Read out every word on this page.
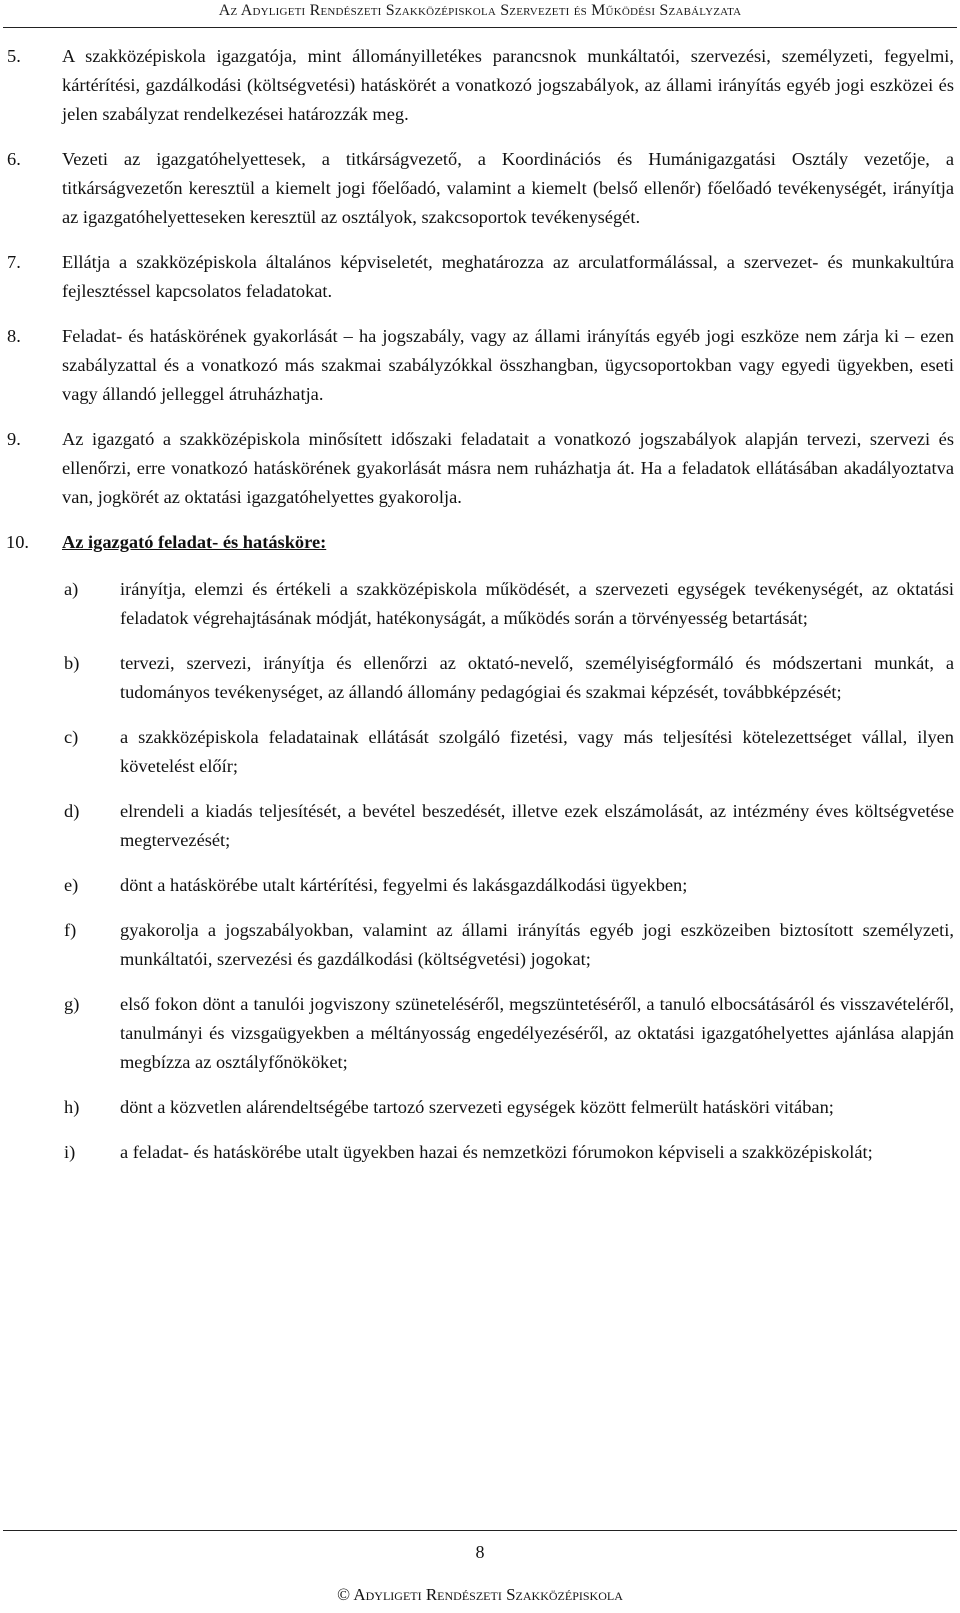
Az Adyligeti Rendészeti Szakközépiskola Szervezeti és Működési Szabályzata
5. A szakközépiskola igazgatója, mint állományilletékes parancsnok munkáltatói, szervezési, személyzeti, fegyelmi, kártérítési, gazdálkodási (költségvetési) hatáskörét a vonatkozó jogszabályok, az állami irányítás egyéb jogi eszközei és jelen szabályzat rendelkezései határozzák meg.
6. Vezeti az igazgatóhelyettesek, a titkárságvezető, a Koordinációs és Humánigazgatási Osztály vezetője, a titkárságvezetőn keresztül a kiemelt jogi főelőadó, valamint a kiemelt (belső ellenőr) főelőadó tevékenységét, irányítja az igazgatóhelyetteseken keresztül az osztályok, szakcsoportok tevékenységét.
7. Ellátja a szakközépiskola általános képviseletét, meghatározza az arculatformálással, a szervezet- és munkakultúra fejlesztéssel kapcsolatos feladatokat.
8. Feladat- és hatáskörének gyakorlását – ha jogszabály, vagy az állami irányítás egyéb jogi eszköze nem zárja ki – ezen szabályzattal és a vonatkozó más szakmai szabályzókkal összhangban, ügycsoportokban vagy egyedi ügyekben, eseti vagy állandó jelleggel átruházhatja.
9. Az igazgató a szakközépiskola minősített időszaki feladatait a vonatkozó jogszabályok alapján tervezi, szervezi és ellenőrzi, erre vonatkozó hatáskörének gyakorlását másra nem ruházhatja át. Ha a feladatok ellátásában akadályoztatva van, jogkörét az oktatási igazgatóhelyettes gyakorolja.
10. Az igazgató feladat- és hatásköre:
a) irányítja, elemzi és értékeli a szakközépiskola működését, a szervezeti egységek tevékenységét, az oktatási feladatok végrehajtásának módját, hatékonyságát, a működés során a törvényesség betartását;
b) tervezi, szervezi, irányítja és ellenőrzi az oktató-nevelő, személyiségformáló és módszertani munkát, a tudományos tevékenységet, az állandó állomány pedagógiai és szakmai képzését, továbbképzését;
c) a szakközépiskola feladatainak ellátását szolgáló fizetési, vagy más teljesítési kötelezettséget vállal, ilyen követelést előír;
d) elrendeli a kiadás teljesítését, a bevétel beszedését, illetve ezek elszámolását, az intézmény éves költségvetése megtervezését;
e) dönt a hatáskörébe utalt kártérítési, fegyelmi és lakásgazdálkodási ügyekben;
f) gyakorolja a jogszabályokban, valamint az állami irányítás egyéb jogi eszközeiben biztosított személyzeti, munkáltatói, szervezési és gazdálkodási (költségvetési) jogokat;
g) első fokon dönt a tanulói jogviszony szüneteléséről, megszüntetéséről, a tanuló elbocsátásáról és visszavételéről, tanulmányi és vizsgaügyekben a méltányosság engedélyezéséről, az oktatási igazgatóhelyettes ajánlása alapján megbízza az osztályfőnököket;
h) dönt a közvetlen alárendeltségébe tartozó szervezeti egységek között felmerült hatásköri vitában;
i) a feladat- és hatáskörébe utalt ügyekben hazai és nemzetközi fórumokon képviseli a szakközépiskolát;
8
© Adyligeti Rendészeti Szakközépiskola
